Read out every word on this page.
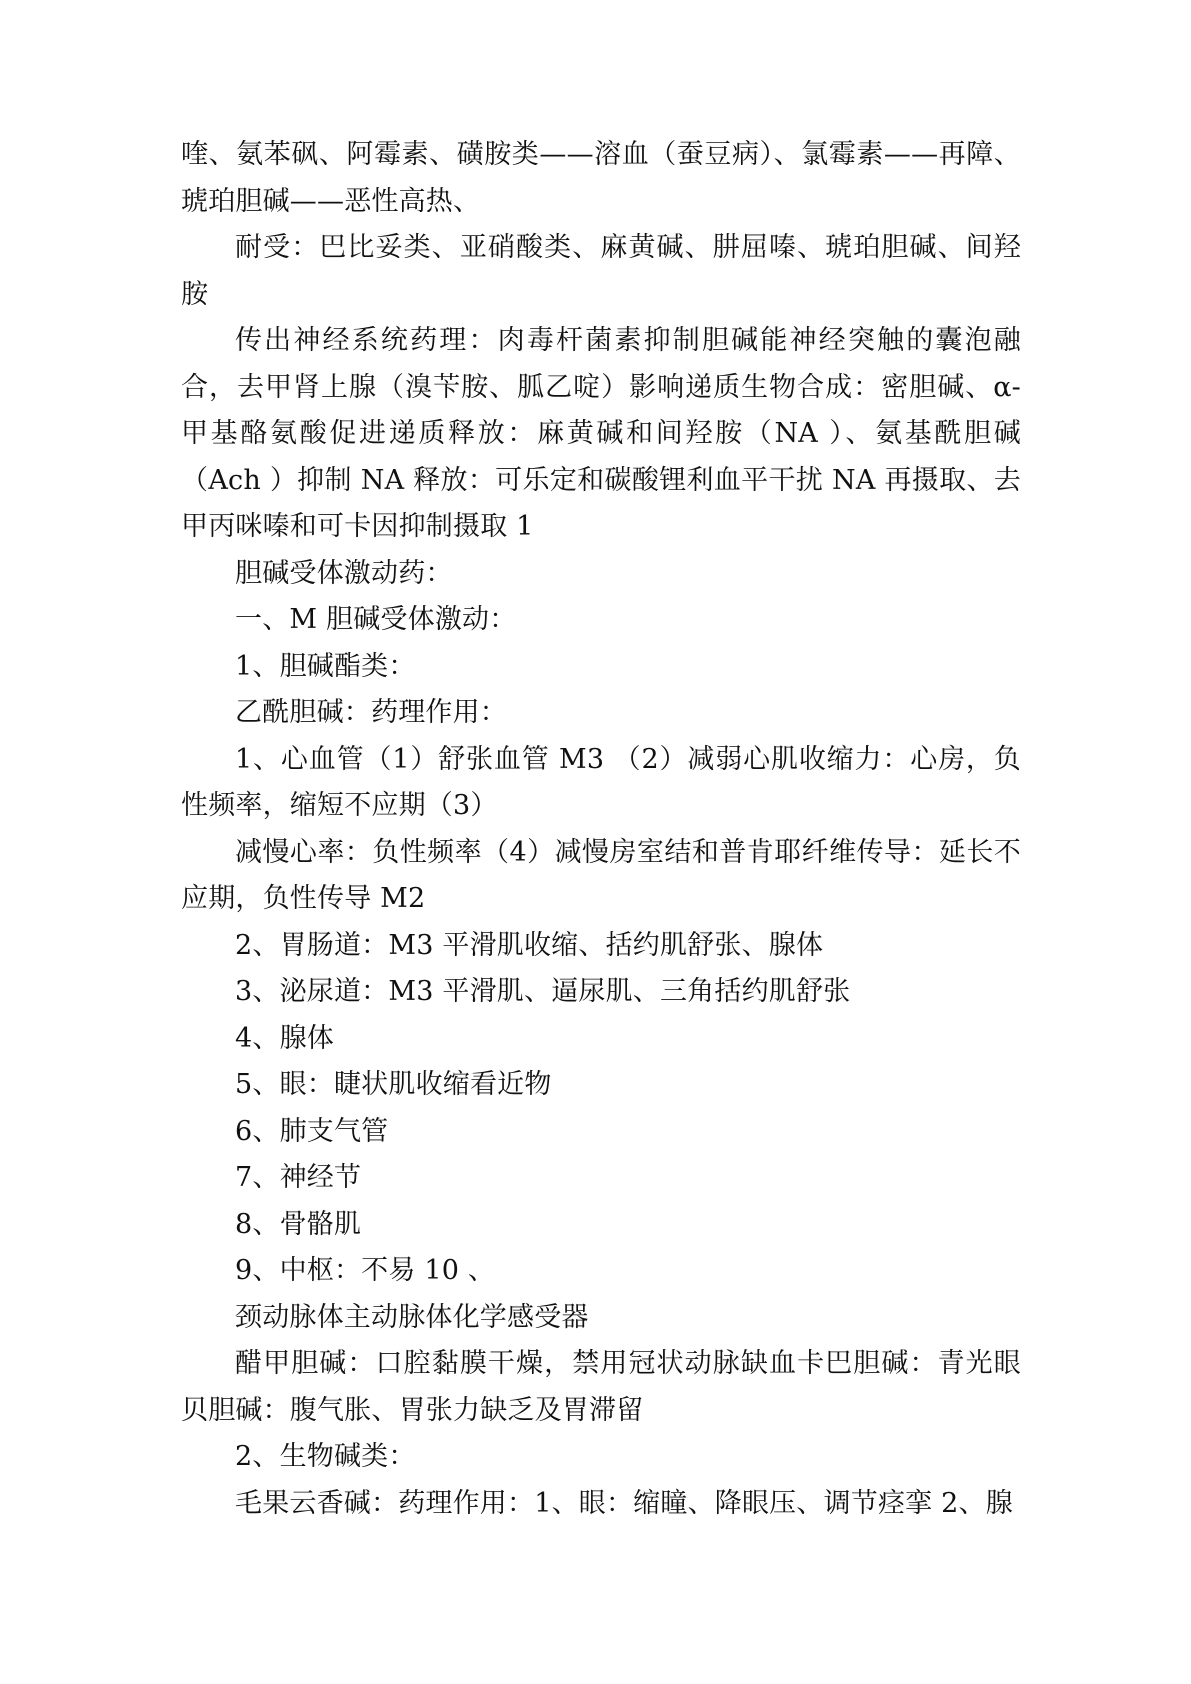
喹、氨苯砜、阿霉素、磺胺类——溶血（蚕豆病）、氯霉素——再障、琥珀胆碱——恶性高热、

耐受：巴比妥类、亚硝酸类、麻黄碱、肼屈嗪、琥珀胆碱、间羟胺

传出神经系统药理：肉毒杆菌素抑制胆碱能神经突触的囊泡融合，去甲肾上腺（溴苄胺、胍乙啶）影响递质生物合成：密胆碱、α-甲基酪氨酸促进递质释放：麻黄碱和间羟胺（NA ）、氨基酰胆碱（Ach ）抑制 NA 释放：可乐定和碳酸锂利血平干扰 NA 再摄取、去甲丙咪嗪和可卡因抑制摄取 1

胆碱受体激动药：

一、M 胆碱受体激动：

1、胆碱酯类：

乙酰胆碱：药理作用：

1、心血管（1）舒张血管 M3 （2）减弱心肌收缩力：心房，负性频率，缩短不应期（3）

减慢心率：负性频率（4）减慢房室结和普肯耶纤维传导：延长不应期，负性传导 M2

2、胃肠道：M3 平滑肌收缩、括约肌舒张、腺体

3、泌尿道：M3 平滑肌、逼尿肌、三角括约肌舒张

4、腺体

5、眼：睫状肌收缩看近物

6、肺支气管

7、神经节

8、骨骼肌

9、中枢：不易 10 、

颈动脉体主动脉体化学感受器

醋甲胆碱：口腔黏膜干燥，禁用冠状动脉缺血卡巴胆碱：青光眼贝胆碱：腹气胀、胃张力缺乏及胃滞留

2、生物碱类：

毛果云香碱：药理作用：1、眼：缩瞳、降眼压、调节痉挛 2、腺
